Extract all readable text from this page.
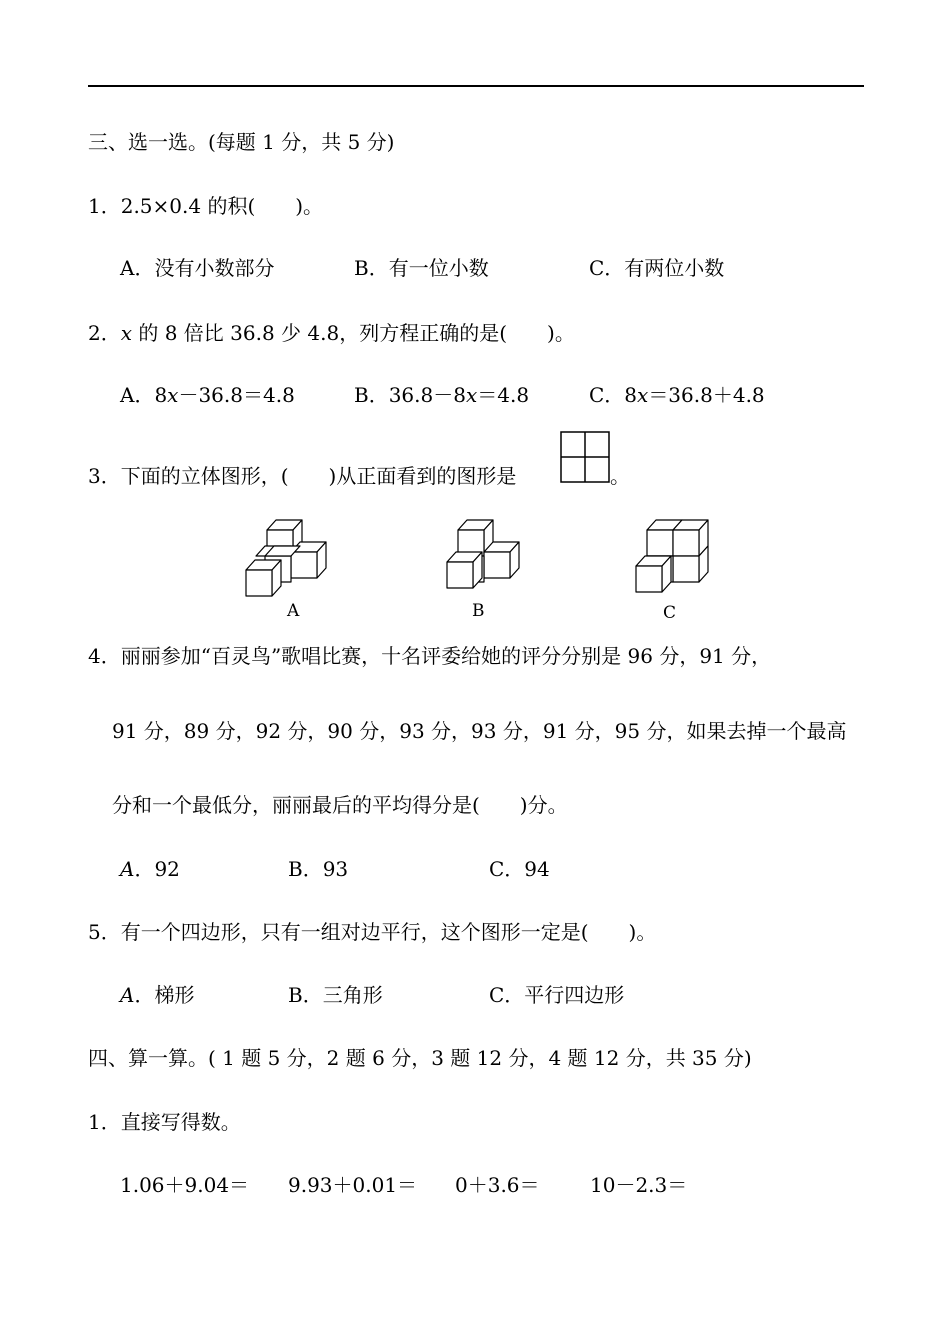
三、选一选。(每题 1 分，共 5 分)
1．2.5×0.4 的积(　　)。
A．没有小数部分	B．有一位小数	C．有两位小数
2．x 的 8 倍比 36.8 少 4.8，列方程正确的是(　　)。
A．8x－36.8＝4.8	B．36.8－8x＝4.8	C．8x＝36.8＋4.8
3．下面的立体图形，(　　)从正面看到的图形是	。
A	B	C
4．丽丽参加“百灵鸟”歌唱比赛，十名评委给她的评分分别是 96 分，91 分，
91 分，89 分，92 分，90 分，93 分，93 分，91 分，95 分，如果去掉一个最高
分和一个最低分，丽丽最后的平均得分是(　　)分。
A．92	B．93	C．94
5．有一个四边形，只有一组对边平行，这个图形一定是(　　)。
A．梯形	B．三角形	C．平行四边形
四、算一算。( 1 题 5 分，2 题 6 分，3 题 12 分，4 题 12 分，共 35 分)
1．直接写得数。
1.06＋9.04＝ 9.93＋0.01＝ 0＋3.6＝	10－2.3＝
